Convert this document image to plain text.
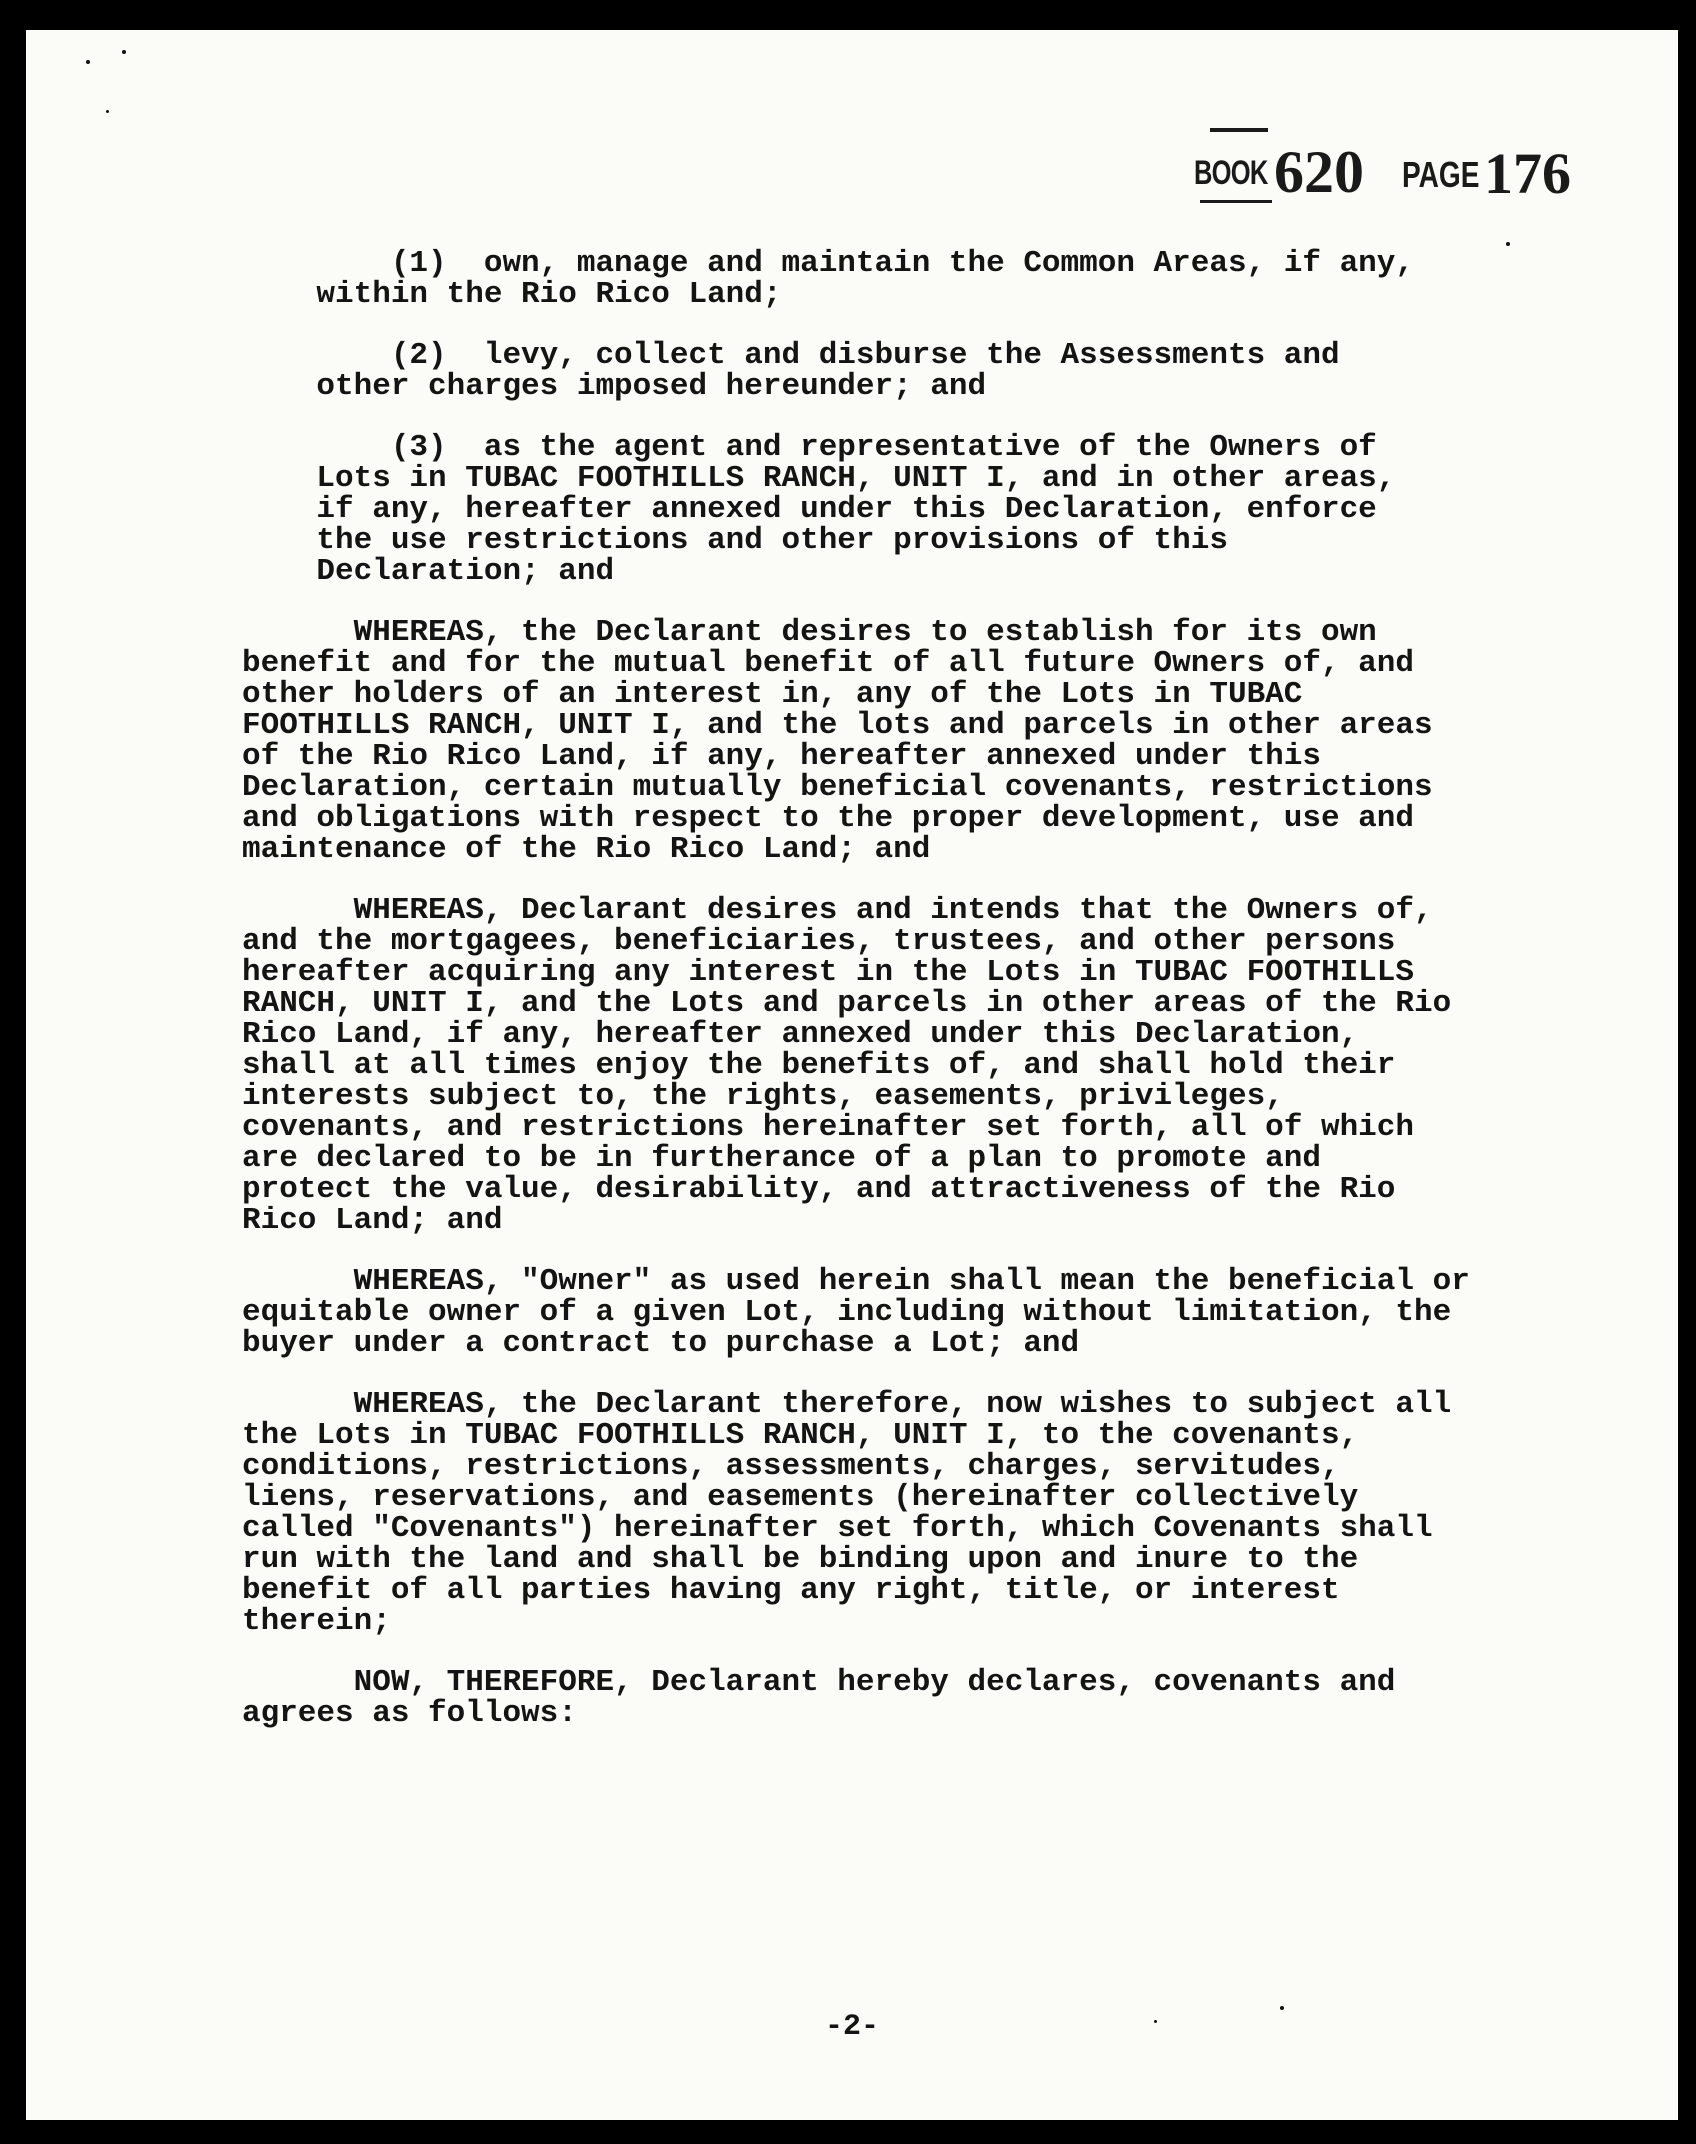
BOOK 620 PAGE 176

(1)  own, manage and maintain the Common Areas, if any,
within the Rio Rico Land;

(2)  levy, collect and disburse the Assessments and
other charges imposed hereunder; and

(3)  as the agent and representative of the Owners of
Lots in TUBAC FOOTHILLS RANCH, UNIT I, and in other areas,
if any, hereafter annexed under this Declaration, enforce
the use restrictions and other provisions of this
Declaration; and

WHEREAS, the Declarant desires to establish for its own
benefit and for the mutual benefit of all future Owners of, and
other holders of an interest in, any of the Lots in TUBAC
FOOTHILLS RANCH, UNIT I, and the lots and parcels in other areas
of the Rio Rico Land, if any, hereafter annexed under this
Declaration, certain mutually beneficial covenants, restrictions
and obligations with respect to the proper development, use and
maintenance of the Rio Rico Land; and

WHEREAS, Declarant desires and intends that the Owners of,
and the mortgagees, beneficiaries, trustees, and other persons
hereafter acquiring any interest in the Lots in TUBAC FOOTHILLS
RANCH, UNIT I, and the Lots and parcels in other areas of the Rio
Rico Land, if any, hereafter annexed under this Declaration,
shall at all times enjoy the benefits of, and shall hold their
interests subject to, the rights, easements, privileges,
covenants, and restrictions hereinafter set forth, all of which
are declared to be in furtherance of a plan to promote and
protect the value, desirability, and attractiveness of the Rio
Rico Land; and

WHEREAS, "Owner" as used herein shall mean the beneficial or
equitable owner of a given Lot, including without limitation, the
buyer under a contract to purchase a Lot; and

WHEREAS, the Declarant therefore, now wishes to subject all
the Lots in TUBAC FOOTHILLS RANCH, UNIT I, to the covenants,
conditions, restrictions, assessments, charges, servitudes,
liens, reservations, and easements (hereinafter collectively
called "Covenants") hereinafter set forth, which Covenants shall
run with the land and shall be binding upon and inure to the
benefit of all parties having any right, title, or interest
therein;

NOW, THEREFORE, Declarant hereby declares, covenants and
agrees as follows:

-2-
